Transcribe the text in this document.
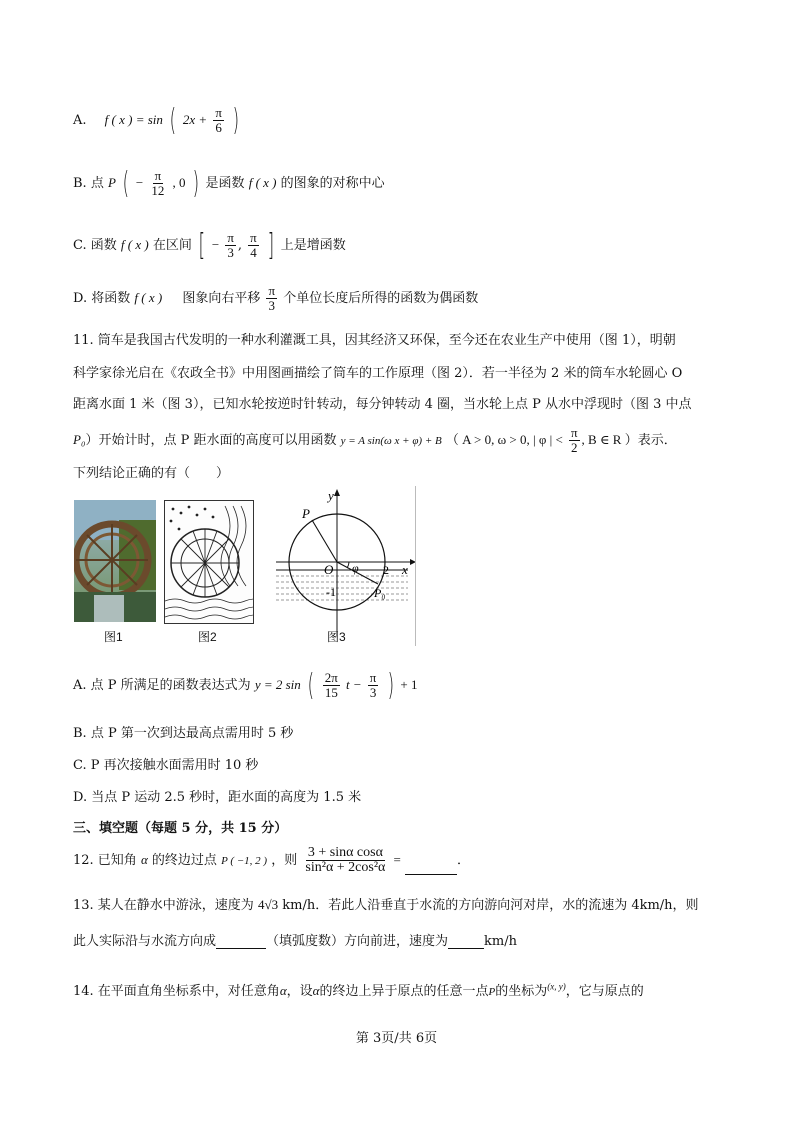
A. f ( x ) = sin ( $2x + \frac{\pi}{6}$ )
B. 点 P ( − $\frac{\pi}{12}$ , 0 ) 是函数 f ( x ) 的图象的对称中心
C. 函数 f ( x ) 在区间 [ − $\frac{\pi}{3}$ , $\frac{\pi}{4}$ ] 上是增函数
D. 将函数 f ( x ) 图象向右平移 $\frac{\pi}{3}$ 个单位长度后所得的函数为偶函数
11. 筒车是我国古代发明的一种水利灌溉工具，因其经济又环保，至今还在农业生产中使用（图 1），明朝
科学家徐光启在《农政全书》中用图画描绘了筒车的工作原理（图 2）．若一半径为 2 米的筒车水轮圆心 O
距离水面 1 米（图 3），已知水轮按逆时针转动，每分钟转动 4 圈，当水轮上点 P 从水中浮现时（图 3 中点
P₀）开始计时，点 P 距水面的高度可以用函数 y = A sin(ω x + φ) + B （ A > 0, ω > 0, | φ | < $\frac{\pi}{2}$ , B ∈ R ）表示．
下列结论正确的有（　　）
y
x
O
P
P₀
φ 2
-1
图1	图2	图3
A. 点 P 所满足的函数表达式为 y = 2 sin ( $\frac{2\pi}{15}$ $t - \frac{\pi}{3}$ ) + 1
B. 点 P 第一次到达最高点需用时 5 秒
C. P 再次接触水面需用时 10 秒
D. 当点 P 运动 2.5 秒时，距水面的高度为 1.5 米
三、填空题（每题 5 分，共 15 分）
12. 已知角 α 的终边过点 P ( −1, 2 ) ，则 $\frac{\text{3 + sinα cosα}}{\text{sin²α + 2cos²α}}$ =	．
13. 某人在静水中游泳，速度为 4√3 km/h．若此人沿垂直于水流的方向游向河对岸，水的流速为 4km/h，则
此人实际沿与水流方向成	（填弧度数）方向前进，速度为	km/h
14. 在平面直角坐标系中，对任意角α，设α的终边上异于原点的任意一点P的坐标为$^{(x, y)}$，它与原点的
第 3页/共 6页
